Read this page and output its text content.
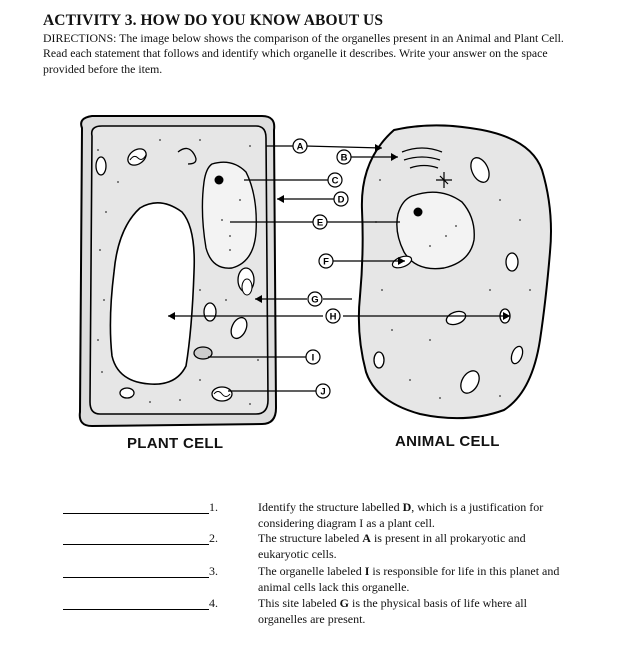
ACTIVITY 3. HOW DO YOU KNOW ABOUT US
DIRECTIONS: The image below shows the comparison of the organelles present in an Animal and Plant Cell. Read each statement that follows and identify which organelle it describes. Write your answer on the space provided before the item.
A
B
C
D
E
F
G
H
I
J
PLANT CELL	ANIMAL CELL
1.	Identify the structure labelled D, which is a justification for considering diagram I as a plant cell.
2.	The structure labeled A is present in all prokaryotic and eukaryotic cells.
3.	The organelle labeled I is responsible for life in this planet and animal cells lack this organelle.
4.	This site labeled G is the physical basis of life where all organelles are present.
